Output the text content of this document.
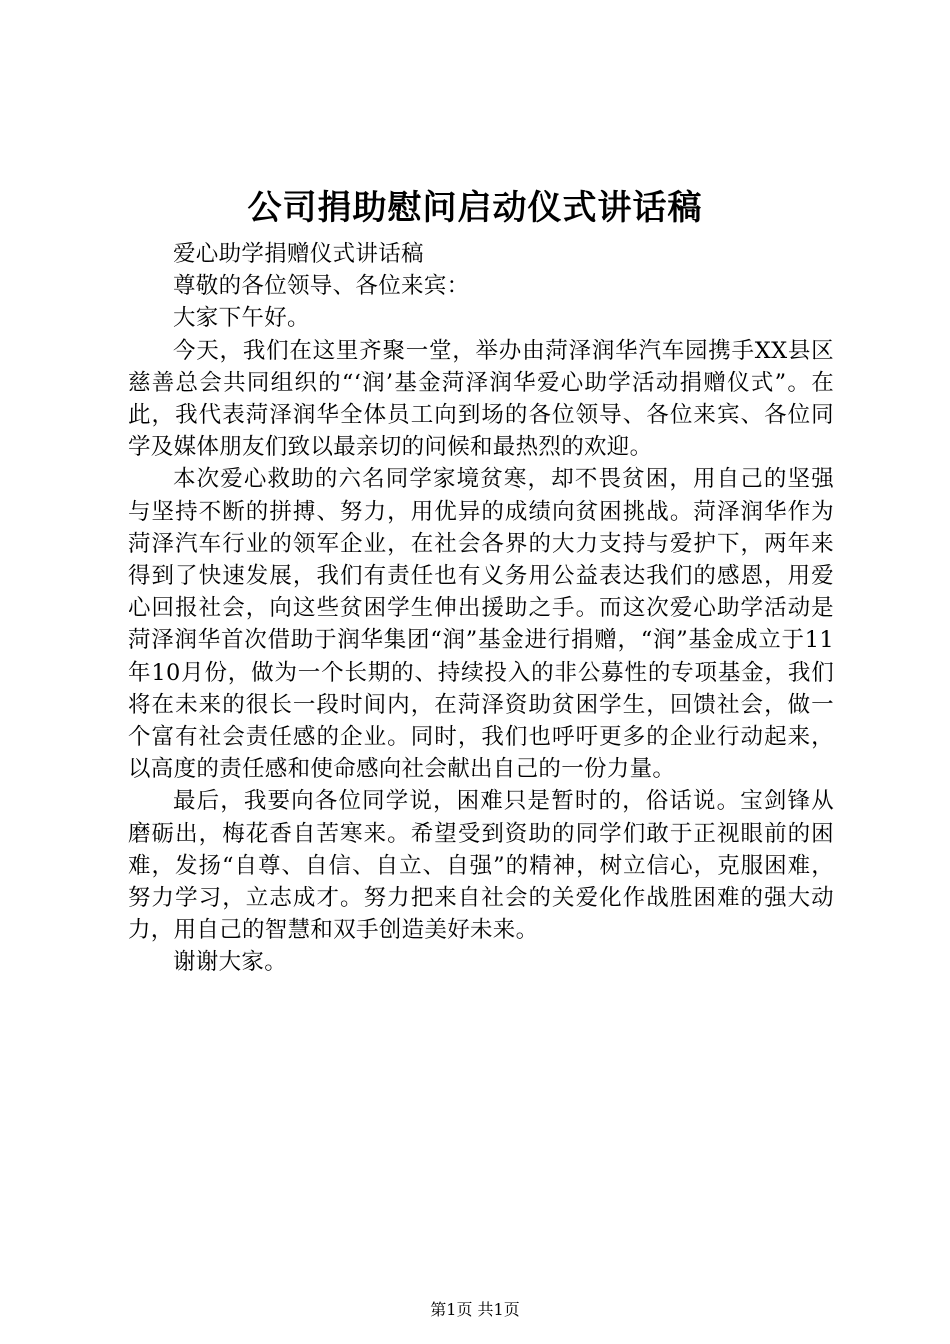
公司捐助慰问启动仪式讲话稿

爱心助学捐赠仪式讲话稿

尊敬的各位领导、各位来宾：

大家下午好。

今天，我们在这里齐聚一堂，举办由菏泽润华汽车园携手XX县区慈善总会共同组织的“‘润’基金菏泽润华爱心助学活动捐赠仪式”。在此，我代表菏泽润华全体员工向到场的各位领导、各位来宾、各位同学及媒体朋友们致以最亲切的问候和最热烈的欢迎。

本次爱心救助的六名同学家境贫寒，却不畏贫困，用自己的坚强与坚持不断的拼搏、努力，用优异的成绩向贫困挑战。菏泽润华作为菏泽汽车行业的领军企业，在社会各界的大力支持与爱护下，两年来得到了快速发展，我们有责任也有义务用公益表达我们的感恩，用爱心回报社会，向这些贫困学生伸出援助之手。而这次爱心助学活动是菏泽润华首次借助于润华集团“润”基金进行捐赠，“润”基金成立于11年10月份，做为一个长期的、持续投入的非公募性的专项基金，我们将在未来的很长一段时间内，在菏泽资助贫困学生，回馈社会，做一个富有社会责任感的企业。同时，我们也呼吁更多的企业行动起来，以高度的责任感和使命感向社会献出自己的一份力量。

最后，我要向各位同学说，困难只是暂时的，俗话说。宝剑锋从磨砺出，梅花香自苦寒来。希望受到资助的同学们敢于正视眼前的困难，发扬“自尊、自信、自立、自强”的精神，树立信心，克服困难，努力学习，立志成才。努力把来自社会的关爱化作战胜困难的强大动力，用自己的智慧和双手创造美好未来。

谢谢大家。

第1页 共1页
